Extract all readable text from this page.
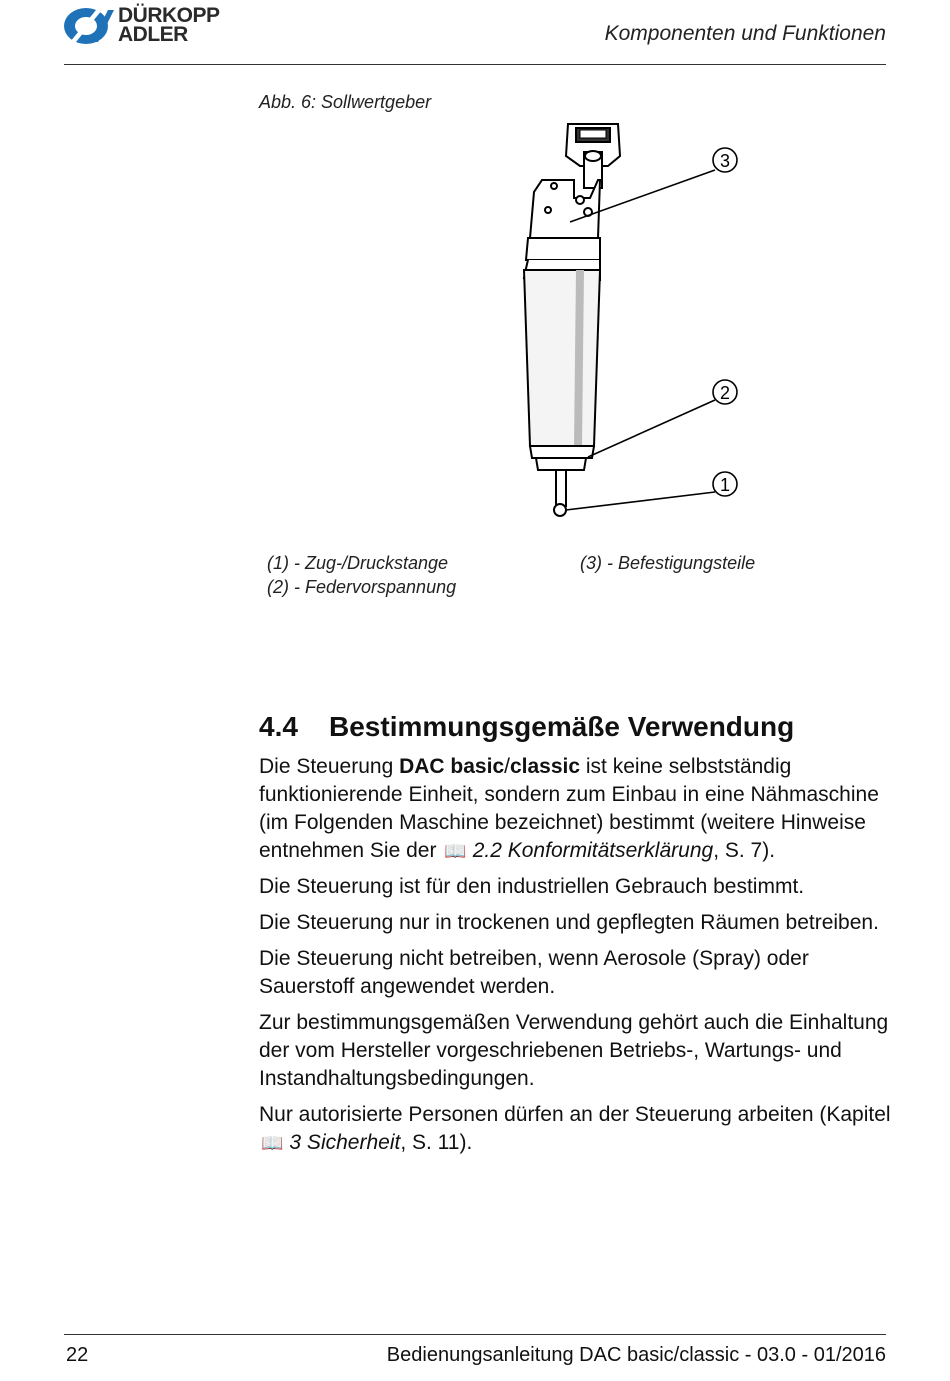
DÜRKOPP
ADLER	Komponenten und Funktionen
Abb. 6: Sollwertgeber
3
2
1
(1) - Zug-/Druckstange
(2) - Federvorspannung
(3) - Befestigungsteile
4.4 Bestimmungsgemäße Verwendung

Die Steuerung DAC basic/classic ist keine selbstständig funktionierende Einheit, sondern zum Einbau in eine Nähmaschine (im Folgenden Maschine bezeichnet) bestimmt (weitere Hinweise entnehmen Sie der 📖 2.2 Konformitätserklärung, S. 7).

Die Steuerung ist für den industriellen Gebrauch bestimmt.

Die Steuerung nur in trockenen und gepflegten Räumen betreiben.

Die Steuerung nicht betreiben, wenn Aerosole (Spray) oder Sauerstoff angewendet werden.

Zur bestimmungsgemäßen Verwendung gehört auch die Einhaltung der vom Hersteller vorgeschriebenen Betriebs-, Wartungs- und Instandhaltungsbedingungen.

Nur autorisierte Personen dürfen an der Steuerung arbeiten (Kapitel 📖 3 Sicherheit, S. 11).

22	Bedienungsanleitung DAC basic/classic - 03.0 - 01/2016
